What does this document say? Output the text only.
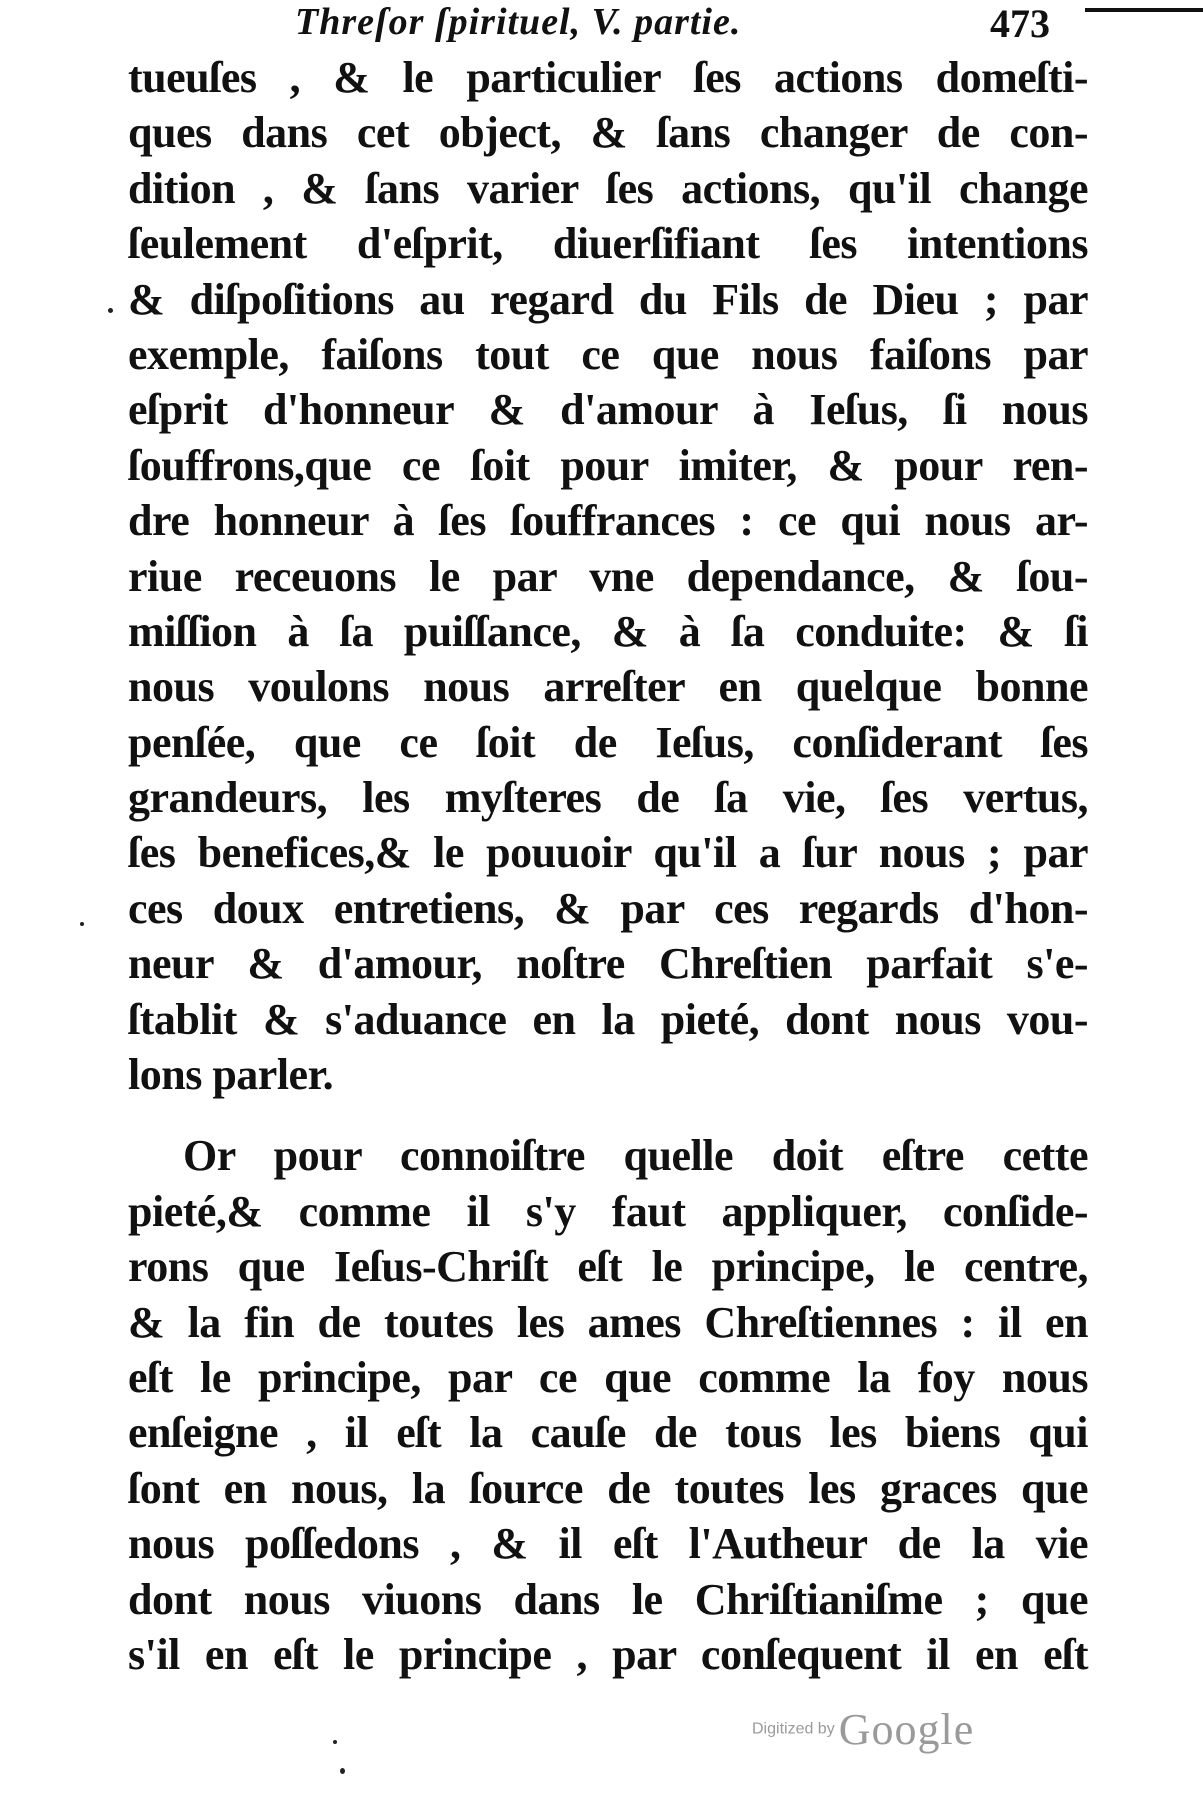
Threſor ſpirituel, V. partie.	473
tueuſes , & le particulier ſes actions domeſti-
ques dans cet object, & ſans changer de con-
dition , & ſans varier ſes actions, qu'il change
ſeulement d'eſprit, diuerſifiant ſes intentions
& diſpoſitions au regard du Fils de Dieu ; par
exemple, faiſons tout ce que nous faiſons par
eſprit d'honneur & d'amour à Ieſus, ſi nous
ſouffrons,que ce ſoit pour imiter, & pour ren-
dre honneur à ſes ſouffrances : ce qui nous ar-
riue receuons le par vne dependance, & ſou-
miſſion à ſa puiſſance, & à ſa conduite: & ſi
nous voulons nous arreſter en quelque bonne
penſée, que ce ſoit de Ieſus, conſiderant ſes
grandeurs, les myſteres de ſa vie, ſes vertus,
ſes benefices,& le pouuoir qu'il a ſur nous ; par
ces doux entretiens, & par ces regards d'hon-
neur & d'amour, noſtre Chreſtien parfait s'e-
ſtablit & s'aduance en la pieté, dont nous vou-
lons parler.
Or pour connoiſtre quelle doit eſtre cette
pieté,& comme il s'y faut appliquer, conſide-
rons que Ieſus-Chriſt eſt le principe, le centre,
& la fin de toutes les ames Chreſtiennes : il en
eſt le principe, par ce que comme la foy nous
enſeigne , il eſt la cauſe de tous les biens qui
ſont en nous, la ſource de toutes les graces que
nous poſſedons , & il eſt l'Autheur de la vie
dont nous viuons dans le Chriſtianiſme ; que
s'il en eſt le principe , par conſequent il en eſt
Digitized by Google
